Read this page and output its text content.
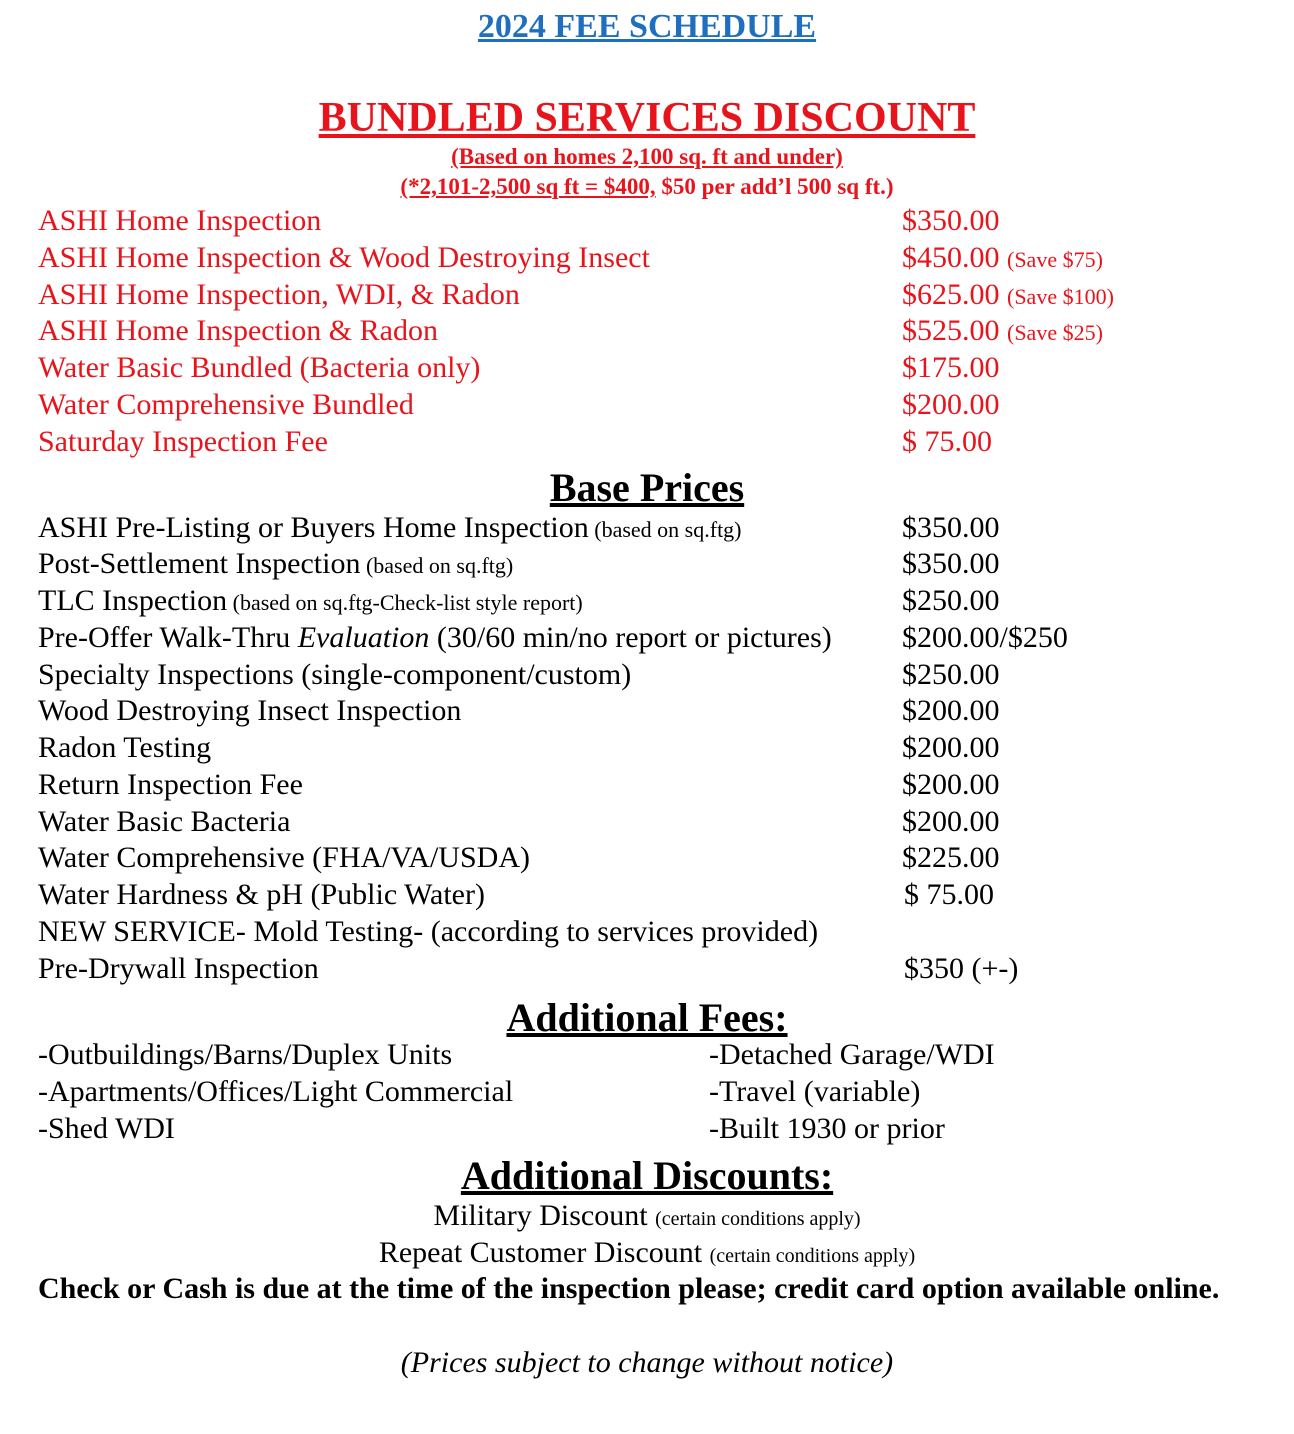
2024 FEE SCHEDULE
BUNDLED SERVICES DISCOUNT
(Based on homes 2,100 sq. ft and under)
(*2,101-2,500 sq ft = $400, $50 per add’l 500 sq ft.)
ASHI Home Inspection	$350.00
ASHI Home Inspection & Wood Destroying Insect	$450.00 (Save $75)
ASHI Home Inspection, WDI, & Radon	$625.00 (Save $100)
ASHI Home Inspection & Radon	$525.00 (Save $25)
Water Basic Bundled (Bacteria only)	$175.00
Water Comprehensive Bundled	$200.00
Saturday Inspection Fee	$ 75.00
Base Prices
ASHI Pre-Listing or Buyers Home Inspection (based on sq.ftg)	$350.00
Post-Settlement Inspection (based on sq.ftg)	$350.00
TLC Inspection (based on sq.ftg-Check-list style report)	$250.00
Pre-Offer Walk-Thru Evaluation (30/60 min/no report or pictures) $200.00/$250
Specialty Inspections (single-component/custom)	$250.00
Wood Destroying Insect Inspection	$200.00
Radon Testing	$200.00
Return Inspection Fee	$200.00
Water Basic Bacteria	$200.00
Water Comprehensive (FHA/VA/USDA)	$225.00
Water Hardness & pH (Public Water)	$ 75.00
NEW SERVICE- Mold Testing- (according to services provided)
Pre-Drywall Inspection	$350 (+-)
Additional Fees:
-Outbuildings/Barns/Duplex Units
-Apartments/Offices/Light Commercial
-Shed WDI
-Detached Garage/WDI
-Travel (variable)
-Built 1930 or prior
Additional Discounts:
Military Discount (certain conditions apply)
Repeat Customer Discount (certain conditions apply)
Check or Cash is due at the time of the inspection please; credit card option available online.
(Prices subject to change without notice)
